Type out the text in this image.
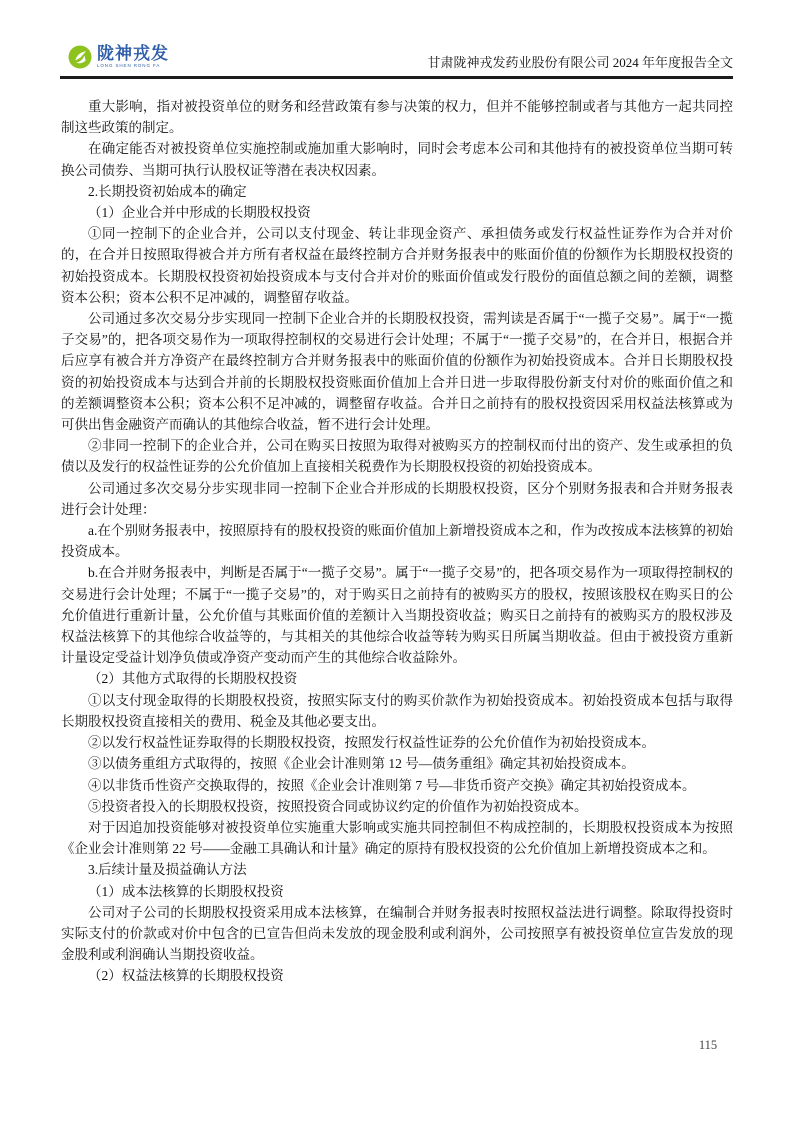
陇神戎发
LONG SHEN RONG FA	甘肃陇神戎发药业股份有限公司 2024 年年度报告全文

重大影响，指对被投资单位的财务和经营政策有参与决策的权力，但并不能够控制或者与其他方一起共同控制这些政策的制定。

在确定能否对被投资单位实施控制或施加重大影响时，同时会考虑本公司和其他持有的被投资单位当期可转换公司债券、当期可执行认股权证等潜在表决权因素。

2.长期投资初始成本的确定

（1）企业合并中形成的长期股权投资

①同一控制下的企业合并，公司以支付现金、转让非现金资产、承担债务或发行权益性证券作为合并对价的，在合并日按照取得被合并方所有者权益在最终控制方合并财务报表中的账面价值的份额作为长期股权投资的初始投资成本。长期股权投资初始投资成本与支付合并对价的账面价值或发行股份的面值总额之间的差额，调整资本公积；资本公积不足冲减的，调整留存收益。

公司通过多次交易分步实现同一控制下企业合并的长期股权投资，需判读是否属于“一揽子交易”。属于“一揽子交易”的，把各项交易作为一项取得控制权的交易进行会计处理；不属于“一揽子交易”的，在合并日，根据合并后应享有被合并方净资产在最终控制方合并财务报表中的账面价值的份额作为初始投资成本。合并日长期股权投资的初始投资成本与达到合并前的长期股权投资账面价值加上合并日进一步取得股份新支付对价的账面价值之和的差额调整资本公积；资本公积不足冲减的，调整留存收益。合并日之前持有的股权投资因采用权益法核算或为可供出售金融资产而确认的其他综合收益，暂不进行会计处理。

②非同一控制下的企业合并，公司在购买日按照为取得对被购买方的控制权而付出的资产、发生或承担的负债以及发行的权益性证券的公允价值加上直接相关税费作为长期股权投资的初始投资成本。

公司通过多次交易分步实现非同一控制下企业合并形成的长期股权投资，区分个别财务报表和合并财务报表进行会计处理：

a.在个别财务报表中，按照原持有的股权投资的账面价值加上新增投资成本之和，作为改按成本法核算的初始投资成本。

b.在合并财务报表中，判断是否属于“一揽子交易”。属于“一揽子交易”的，把各项交易作为一项取得控制权的交易进行会计处理；不属于“一揽子交易”的，对于购买日之前持有的被购买方的股权，按照该股权在购买日的公允价值进行重新计量，公允价值与其账面价值的差额计入当期投资收益；购买日之前持有的被购买方的股权涉及权益法核算下的其他综合收益等的，与其相关的其他综合收益等转为购买日所属当期收益。但由于被投资方重新计量设定受益计划净负债或净资产变动而产生的其他综合收益除外。

（2）其他方式取得的长期股权投资

①以支付现金取得的长期股权投资，按照实际支付的购买价款作为初始投资成本。初始投资成本包括与取得长期股权投资直接相关的费用、税金及其他必要支出。

②以发行权益性证券取得的长期股权投资，按照发行权益性证券的公允价值作为初始投资成本。

③以债务重组方式取得的，按照《企业会计准则第 12 号—债务重组》确定其初始投资成本。

④以非货币性资产交换取得的，按照《企业会计准则第 7 号—非货币资产交换》确定其初始投资成本。

⑤投资者投入的长期股权投资，按照投资合同或协议约定的价值作为初始投资成本。

对于因追加投资能够对被投资单位实施重大影响或实施共同控制但不构成控制的，长期股权投资成本为按照《企业会计准则第 22 号——金融工具确认和计量》确定的原持有股权投资的公允价值加上新增投资成本之和。

3.后续计量及损益确认方法

（1）成本法核算的长期股权投资

公司对子公司的长期股权投资采用成本法核算，在编制合并财务报表时按照权益法进行调整。除取得投资时实际支付的价款或对价中包含的已宣告但尚未发放的现金股利或利润外，公司按照享有被投资单位宣告发放的现金股利或利润确认当期投资收益。

（2）权益法核算的长期股权投资

115
